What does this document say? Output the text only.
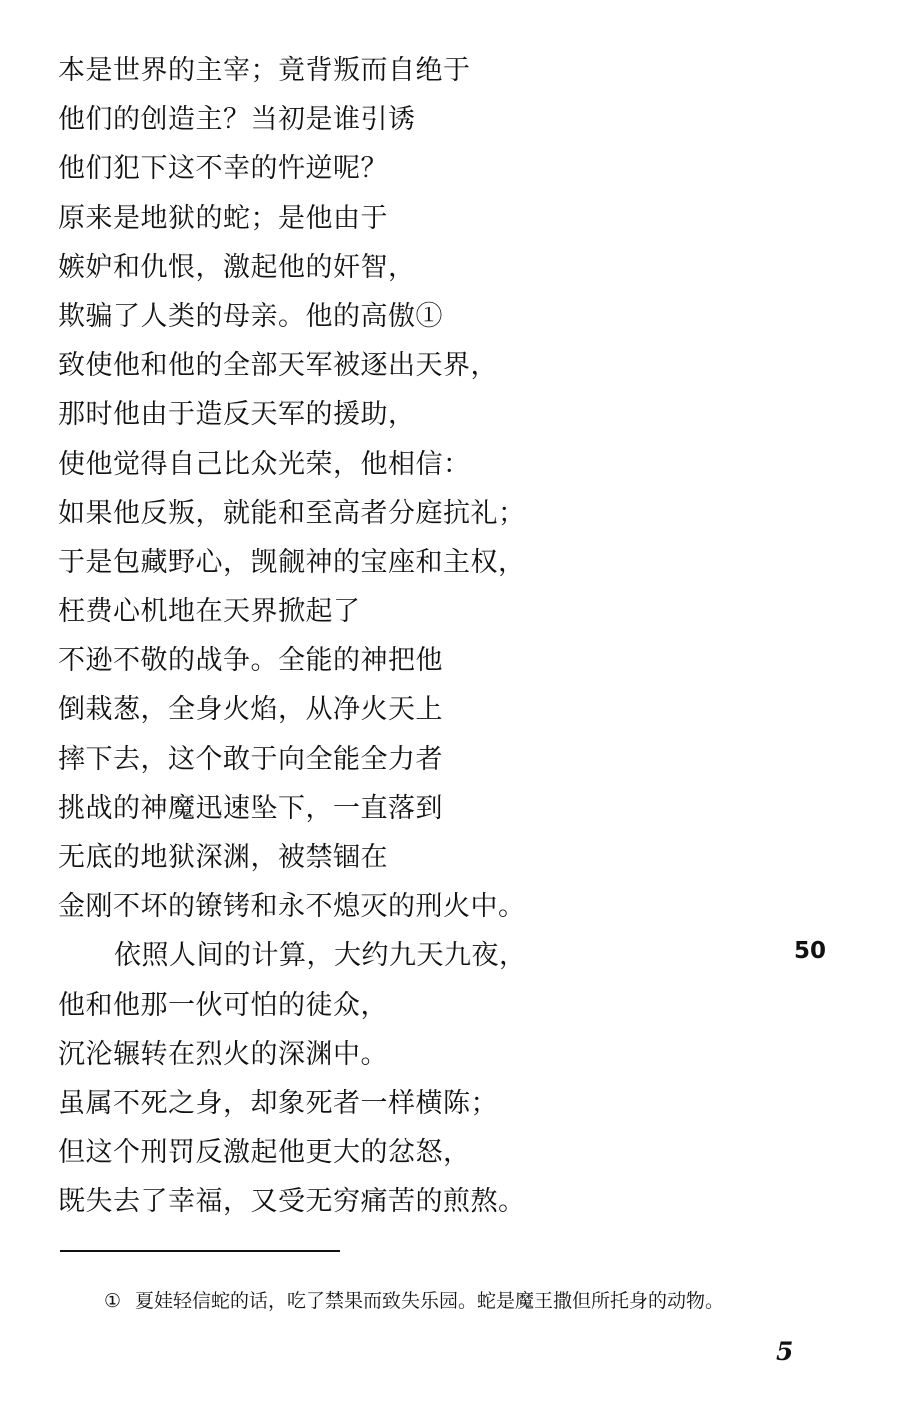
本是世界的主宰；竟背叛而自绝于
他们的创造主？当初是谁引诱
他们犯下这不幸的忤逆呢？
原来是地狱的蛇；是他由于
嫉妒和仇恨，激起他的奸智，
欺骗了人类的母亲。他的高傲①
致使他和他的全部天军被逐出天界，
那时他由于造反天军的援助，
使他觉得自己比众光荣，他相信：
如果他反叛，就能和至高者分庭抗礼；
于是包藏野心，觊觎神的宝座和主权，
枉费心机地在天界掀起了
不逊不敬的战争。全能的神把他
倒栽葱，全身火焰，从净火天上
摔下去，这个敢于向全能全力者
挑战的神魔迅速坠下，一直落到
无底的地狱深渊，被禁锢在
金刚不坏的镣铐和永不熄灭的刑火中。
依照人间的计算，大约九天九夜，
他和他那一伙可怕的徒众，
沉沦辗转在烈火的深渊中。
虽属不死之身，却象死者一样横陈；
但这个刑罚反激起他更大的忿怒，
既失去了幸福，又受无穷痛苦的煎熬。
50
① 夏娃轻信蛇的话，吃了禁果而致失乐园。蛇是魔王撒但所托身的动物。
5
